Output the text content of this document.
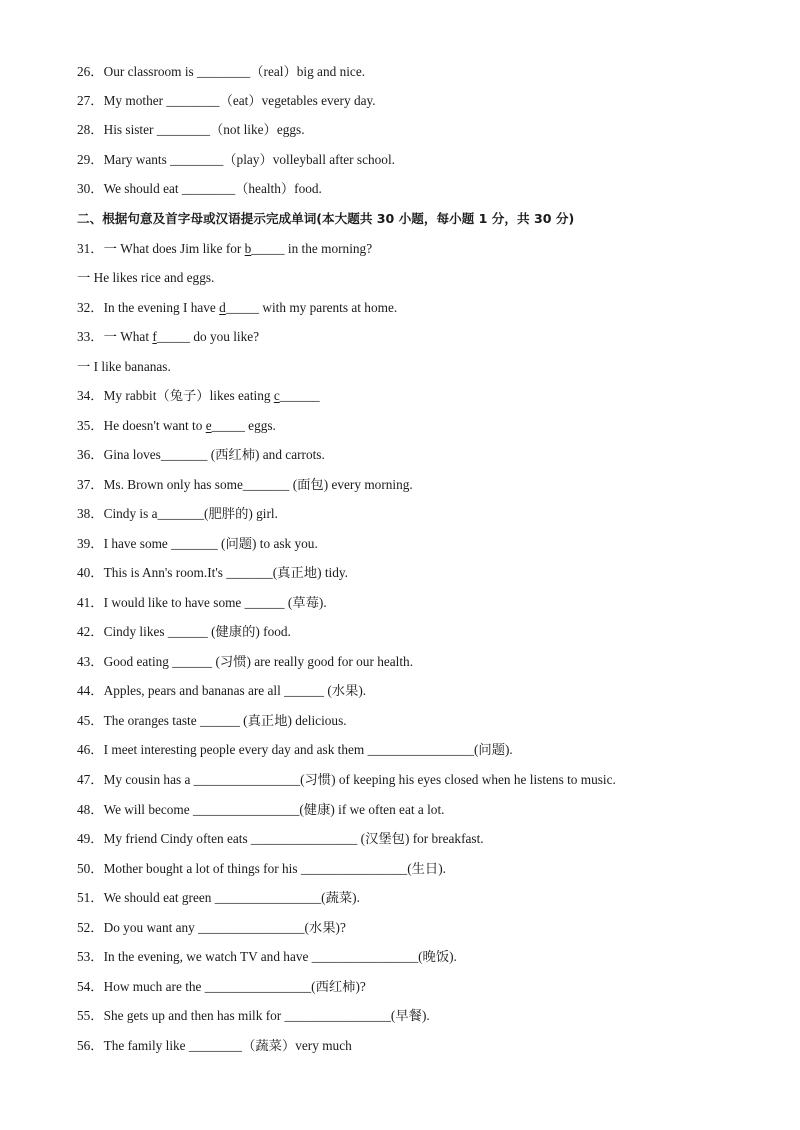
26．Our classroom is ________（real）big and nice.
27．My mother ________（eat）vegetables every day.
28．His sister ________（not like）eggs.
29．Mary wants ________（play）volleyball after school.
30．We should eat ________（health）food.
二、根据句意及首字母或汉语提示完成单词(本大题共 30 小题，每小题 1 分，共 30 分)
31．一 What does Jim like for b_____ in the morning?
一 He likes rice and eggs.
32．In the evening I have d_____ with my parents at home.
33．一 What f_____ do you like?
一 I like bananas.
34．My rabbit（兔子）likes eating c______
35．He doesn't want to e_____ eggs.
36．Gina loves_______ (西红柿) and carrots.
37．Ms. Brown only has some_______ (面包) every morning.
38．Cindy is a_______(肥胖的) girl.
39．I have some _______ (问题) to ask you.
40．This is Ann's room.It's _______(真正地) tidy.
41．I would like to have some ______ (草莓).
42．Cindy likes ______ (健康的) food.
43．Good eating ______ (习惯) are really good for our health.
44．Apples, pears and bananas are all ______ (水果).
45．The oranges taste ______ (真正地) delicious.
46．I meet interesting people every day and ask them ________________(问题).
47．My cousin has a ________________(习惯) of keeping his eyes closed when he listens to music.
48．We will become ________________(健康) if we often eat a lot.
49．My friend Cindy often eats ________________ (汉堡包) for breakfast.
50．Mother bought a lot of things for his ________________(生日).
51．We should eat green ________________(蔬菜).
52．Do you want any ________________(水果)?
53．In the evening, we watch TV and have ________________(晚饭).
54．How much are the ________________(西红柿)?
55．She gets up and then has milk for ________________(早餐).
56．The family like ________（蔬菜）very much
